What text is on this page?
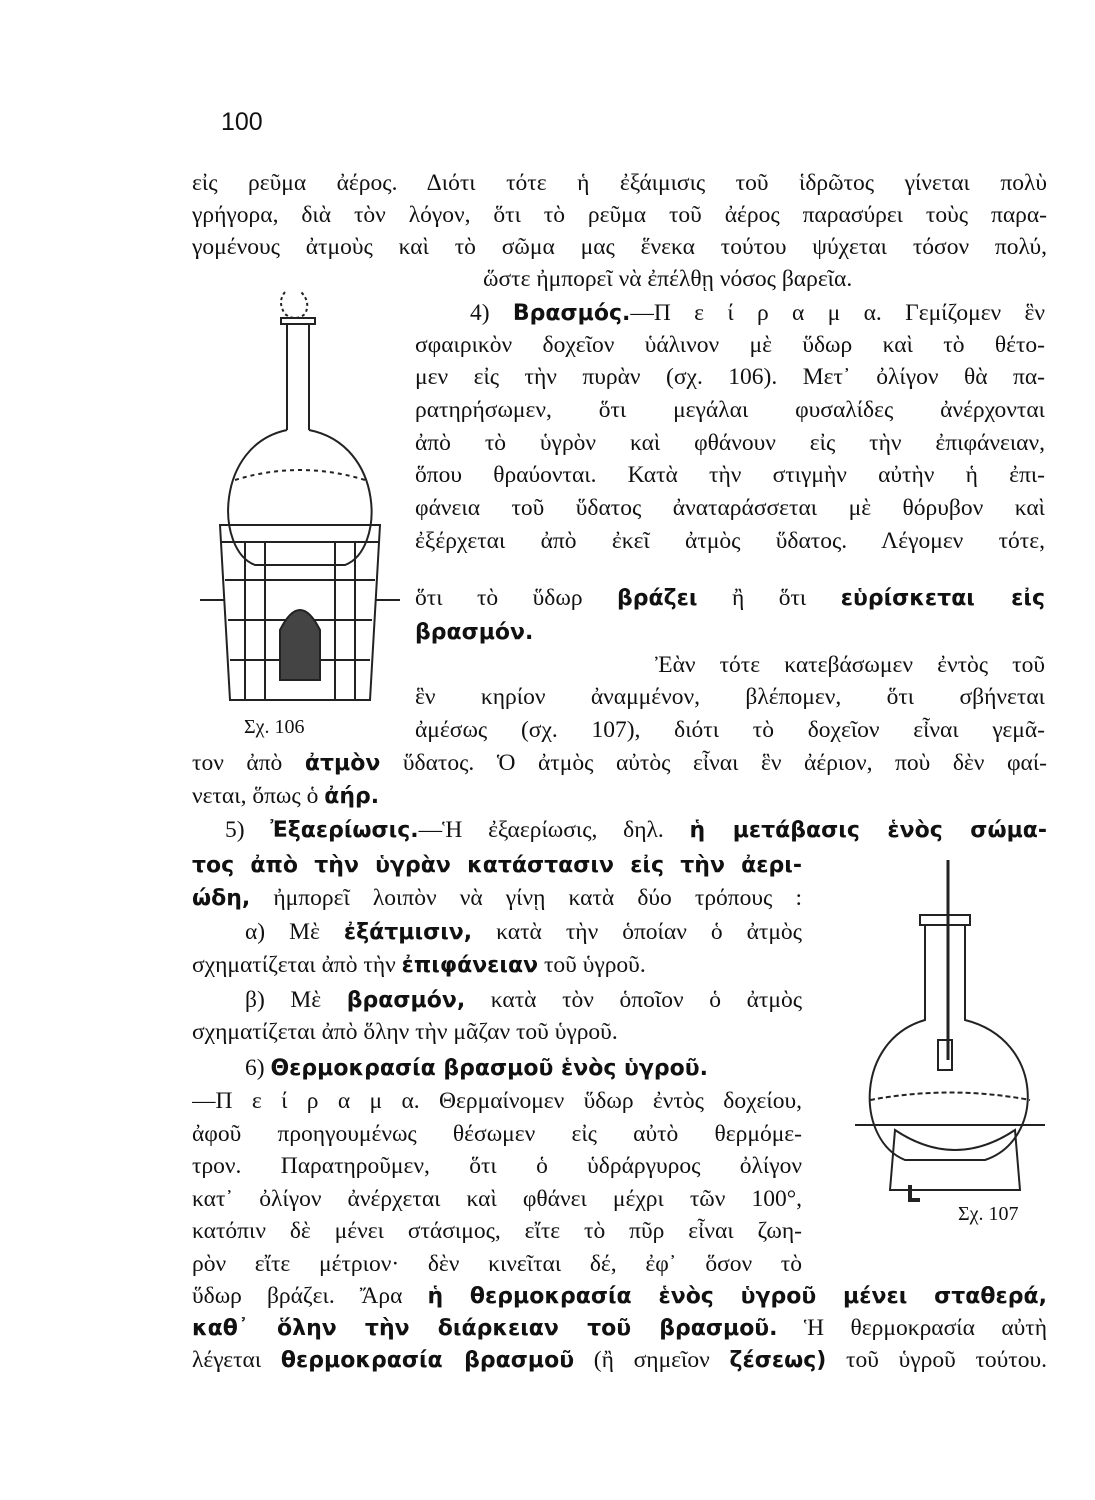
100
εἰς ρεῦμα ἀέρος. Διότι τότε ἡ ἐξάιμισις τοῦ ἱδρῶτος γίνεται πολὺ
γρήγορα, διὰ τὸν λόγον, ὅτι τὸ ρεῦμα τοῦ ἀέρος παρασύρει τοὺς παρα-
γομένους ἀτμοὺς καὶ τὸ σῶμα μας ἕνεκα τούτου ψύχεται τόσον πολύ,
ὥστε ἠμπορεῖ νὰ ἐπέλθῃ νόσος βαρεῖα.
4) Βρασμός.—Π ε ί ρ α μ α. Γεμίζομεν ἓν
σφαιρικὸν δοχεῖον ὑάλινον μὲ ὕδωρ καὶ τὸ θέτο-
μεν εἰς τὴν πυρὰν (σχ. 106). Μετ᾽ ὀλίγον θὰ πα-
ρατηρήσωμεν, ὅτι μεγάλαι φυσαλίδες ἀνέρχονται
ἀπὸ τὸ ὑγρὸν καὶ φθάνουν εἰς τὴν ἐπιφάνειαν,
ὅπου θραύονται. Κατὰ τὴν στιγμὴν αὐτὴν ἡ ἐπι-
φάνεια τοῦ ὕδατος ἀναταράσσεται μὲ θόρυβον καὶ
ἐξέρχεται ἀπὸ ἐκεῖ ἀτμὸς ὕδατος. Λέγομεν τότε,
ὅτι τὸ ὕδωρ βράζει ἢ ὅτι εὑρίσκεται εἰς
βρασμόν.
Ἐὰν τότε κατεβάσωμεν ἐντὸς τοῦ
ἓν κηρίον ἀναμμένον, βλέπομεν, ὅτι σβήνεται
ἀμέσως (σχ. 107), διότι τὸ δοχεῖον εἶναι γεμᾶ-
τον ἀπὸ ἀτμὸν ὕδατος. Ὁ ἀτμὸς αὐτὸς εἶναι ἓν ἀέριον, ποὺ δὲν φαί-
νεται, ὅπως ὁ ἀήρ.
5) Ἐξαερίωσις.—Ἡ ἐξαερίωσις, δηλ. ἡ μετάβασις ἑνὸς σώμα-
τος ἀπὸ τὴν ὑγρὰν κατάστασιν εἰς τὴν ἀερι-
ώδη, ἠμπορεῖ λοιπὸν νὰ γίνῃ κατὰ δύο τρόπους :
α) Μὲ ἐξάτμισιν, κατὰ τὴν ὁποίαν ὁ ἀτμὸς
σχηματίζεται ἀπὸ τὴν ἐπιφάνειαν τοῦ ὑγροῦ.
β) Μὲ βρασμόν, κατὰ τὸν ὁποῖον ὁ ἀτμὸς
σχηματίζεται ἀπὸ ὅλην τὴν μᾶζαν τοῦ ὑγροῦ.
6) Θερμοκρασία βρασμοῦ ἑνὸς ὑγροῦ.
—Π ε ί ρ α μ α. Θερμαίνομεν ὕδωρ ἐντὸς δοχείου,
ἀφοῦ προηγουμένως θέσωμεν εἰς αὐτὸ θερμόμε-
τρον. Παρατηροῦμεν, ὅτι ὁ ὑδράργυρος ὀλίγον
κατ᾽ ὀλίγον ἀνέρχεται καὶ φθάνει μέχρι τῶν 100°,
κατόπιν δὲ μένει στάσιμος, εἴτε τὸ πῦρ εἶναι ζωη-
ρὸν εἴτε μέτριον· δὲν κινεῖται δέ, ἐφ᾽ ὅσον τὸ
ὕδωρ βράζει. Ἄρα ἡ θερμοκρασία ἑνὸς ὑγροῦ μένει σταθερά,
καθ᾽ ὅλην τὴν διάρκειαν τοῦ βρασμοῦ. Ἡ θερμοκρασία αὐτὴ
λέγεται θερμοκρασία βρασμοῦ (ἢ σημεῖον ζέσεως) τοῦ ὑγροῦ τούτου.
Σχ. 106
Σχ. 107
